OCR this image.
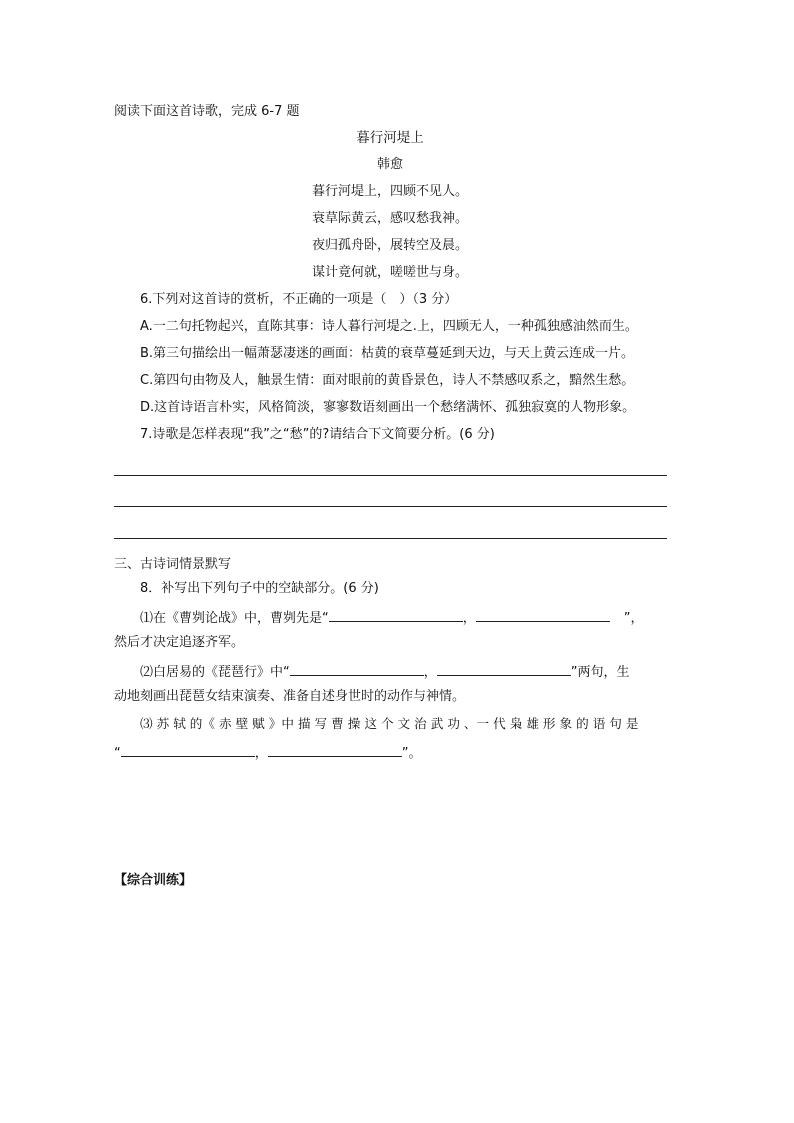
阅读下面这首诗歌，完成 6-7 题
暮行河堤上
韩愈
暮行河堤上，四顾不见人。
衰草际黄云，感叹愁我神。
夜归孤舟卧，展转空及晨。
谋计竟何就，嗟嗟世与身。
6.下列对这首诗的赏析，不正确的一项是（　）（3 分）
A.一二句托物起兴，直陈其事：诗人暮行河堤之.上，四顾无人，一种孤独感油然而生。
B.第三句描绘出一幅萧瑟凄迷的画面：枯黄的衰草蔓延到天边，与天上黄云连成一片。
C.第四句由物及人，触景生情：面对眼前的黄昏景色，诗人不禁感叹系之，黯然生愁。
D.这首诗语言朴实，风格简淡，寥寥数语刻画出一个愁绪满怀、孤独寂寞的人物形象。
7.诗歌是怎样表现“我”之“愁”的?请结合下文简要分析。(6 分)
三、古诗词情景默写
8．补写出下列句子中的空缺部分。(6 分)
⑴在《曹刿论战》中，曹刿先是“	，	”，
然后才决定追逐齐军。
⑵白居易的《琵琶行》中“	，	”两句，生
动地刻画出琵琶女结束演奏、准备自述身世时的动作与神情。
⑶ 苏 轼 的《 赤 壁 赋 》中 描 写 曹 操 这 个 文 治 武 功 、一 代 枭 雄 形 象 的 语 句 是
“	，	”。
【综合训练】
